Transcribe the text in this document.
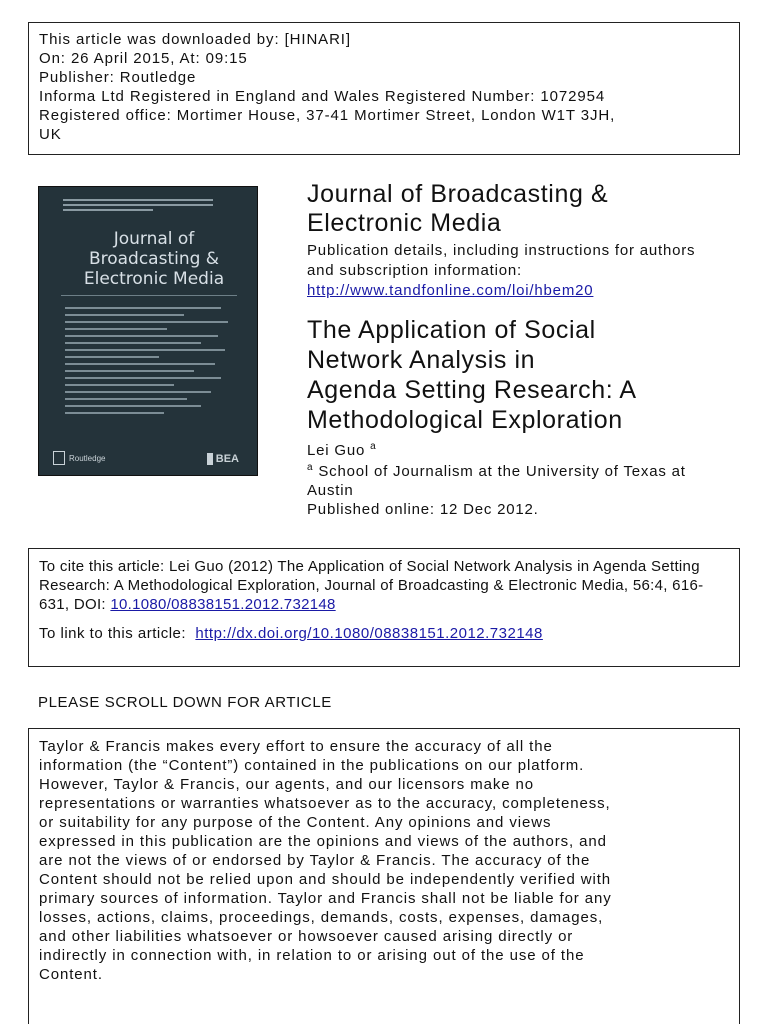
This article was downloaded by: [HINARI]
On: 26 April 2015, At: 09:15
Publisher: Routledge
Informa Ltd Registered in England and Wales Registered Number: 1072954
Registered office: Mortimer House, 37-41 Mortimer Street, London W1T 3JH,
UK
Journal of
Broadcasting &
Electronic Media
Routledge	BEA
Journal of Broadcasting &
Electronic Media
Publication details, including instructions for authors and subscription information:
http://www.tandfonline.com/loi/hbem20
The Application of Social
Network Analysis in
Agenda Setting Research: A
Methodological Exploration
Lei Guo $^a$
$^a$ School of Journalism at the University of Texas at Austin
Published online: 12 Dec 2012.
To cite this article: Lei Guo (2012) The Application of Social Network Analysis in Agenda Setting Research: A Methodological Exploration, Journal of Broadcasting & Electronic Media, 56:4, 616-631, DOI: 10.1080/08838151.2012.732148
To link to this article: http://dx.doi.org/10.1080/08838151.2012.732148
PLEASE SCROLL DOWN FOR ARTICLE

Taylor & Francis makes every effort to ensure the accuracy of all the
information (the “Content”) contained in the publications on our platform.
However, Taylor & Francis, our agents, and our licensors make no
representations or warranties whatsoever as to the accuracy, completeness,
or suitability for any purpose of the Content. Any opinions and views
expressed in this publication are the opinions and views of the authors, and
are not the views of or endorsed by Taylor & Francis. The accuracy of the
Content should not be relied upon and should be independently verified with
primary sources of information. Taylor and Francis shall not be liable for any
losses, actions, claims, proceedings, demands, costs, expenses, damages,
and other liabilities whatsoever or howsoever caused arising directly or
indirectly in connection with, in relation to or arising out of the use of the
Content.
